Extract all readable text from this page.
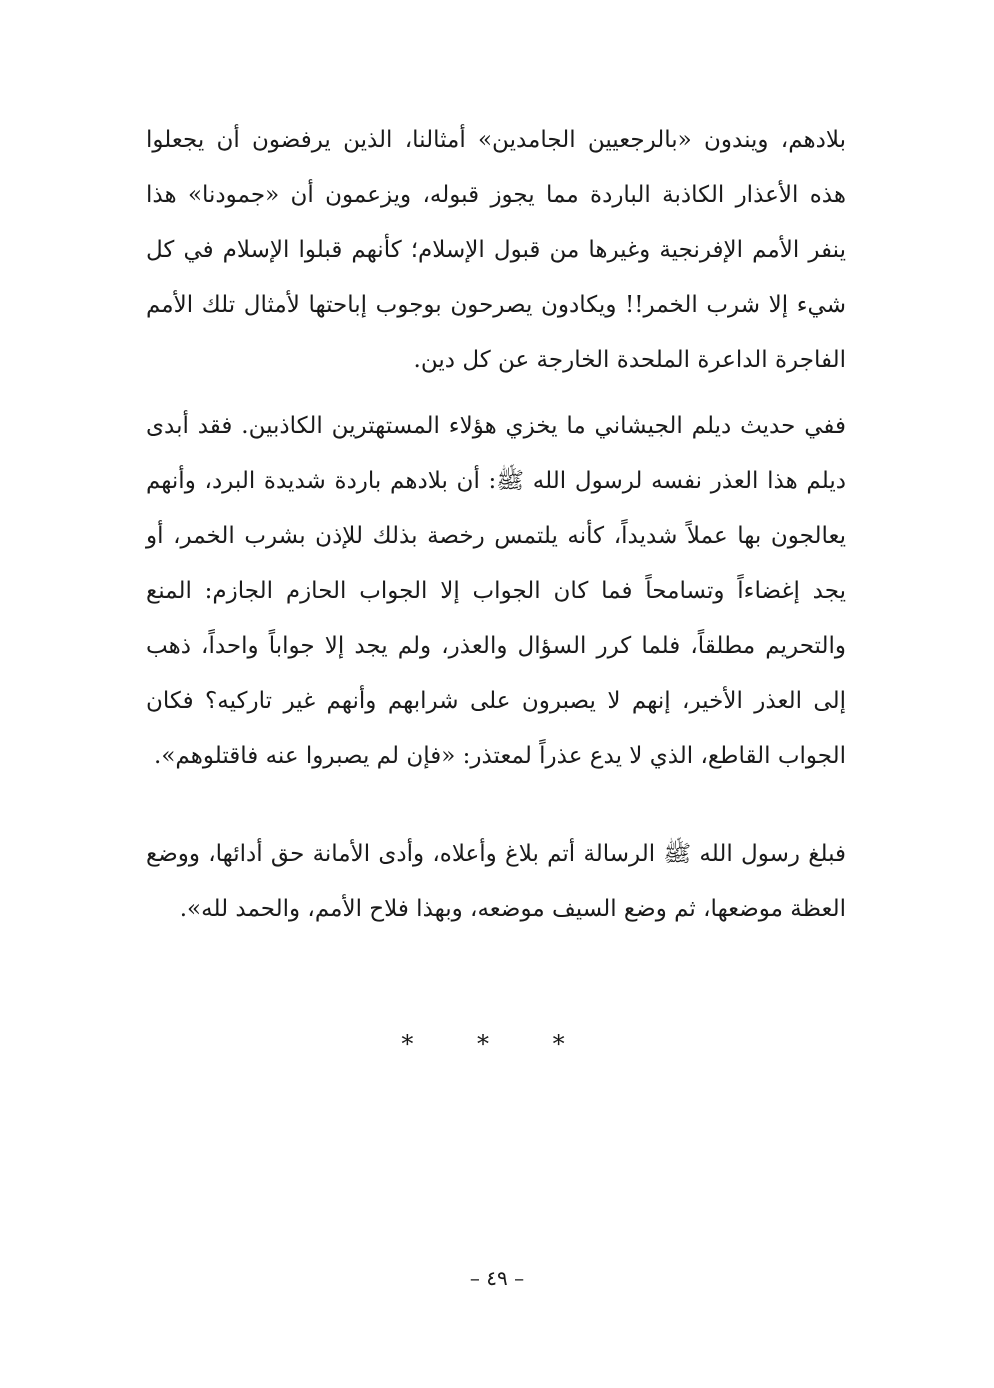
بلادهم، ويندون «بالرجعيين الجامدين» أمثالنا، الذين يرفضون أن يجعلوا هذه الأعذار الكاذبة الباردة مما يجوز قبوله، ويزعمون أن «جمودنا» هذا ينفر الأمم الإفرنجية وغيرها من قبول الإسلام؛ كأنهم قبلوا الإسلام في كل شيء إلا شرب الخمر!! ويكادون يصرحون بوجوب إباحتها لأمثال تلك الأمم الفاجرة الداعرة الملحدة الخارجة عن كل دين.

ففي حديث ديلم الجيشاني ما يخزي هؤلاء المستهترين الكاذبين. فقد أبدى ديلم هذا العذر نفسه لرسول الله ﷺ: أن بلادهم باردة شديدة البرد، وأنهم يعالجون بها عملاً شديداً، كأنه يلتمس رخصة بذلك للإذن بشرب الخمر، أو يجد إغضاءاً وتسامحاً فما كان الجواب إلا الجواب الحازم الجازم: المنع والتحريم مطلقاً، فلما كرر السؤال والعذر، ولم يجد إلا جواباً واحداً، ذهب إلى العذر الأخير، إنهم لا يصبرون على شرابهم وأنهم غير تاركيه؟ فكان الجواب القاطع، الذي لا يدع عذراً لمعتذر: «فإن لم يصبروا عنه فاقتلوهم».

فبلغ رسول الله ﷺ الرسالة أتم بلاغ وأعلاه، وأدى الأمانة حق أدائها، ووضع العظة موضعها، ثم وضع السيف موضعه، وبهذا فلاح الأمم، والحمد لله».

* * *
– ٤٩ –
